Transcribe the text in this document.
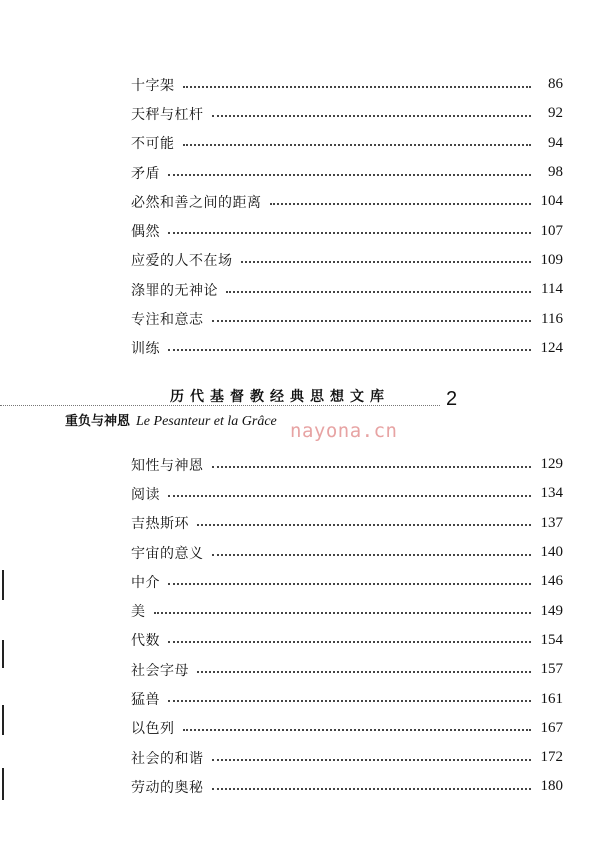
十字架	86
天秤与杠杆	92
不可能	94
矛盾	98
必然和善之间的距离	104
偶然	107
应爱的人不在场	109
涤罪的无神论	114
专注和意志	116
训练	124
历代基督教经典思想文库	2
重负与神恩 Le Pesanteur et la Grâce nayona.cn
知性与神恩	129
阅读	134
吉热斯环	137
宇宙的意义	140
中介	146
美	149
代数	154
社会字母	157
猛兽	161
以色列	167
社会的和谐	172
劳动的奥秘	180
